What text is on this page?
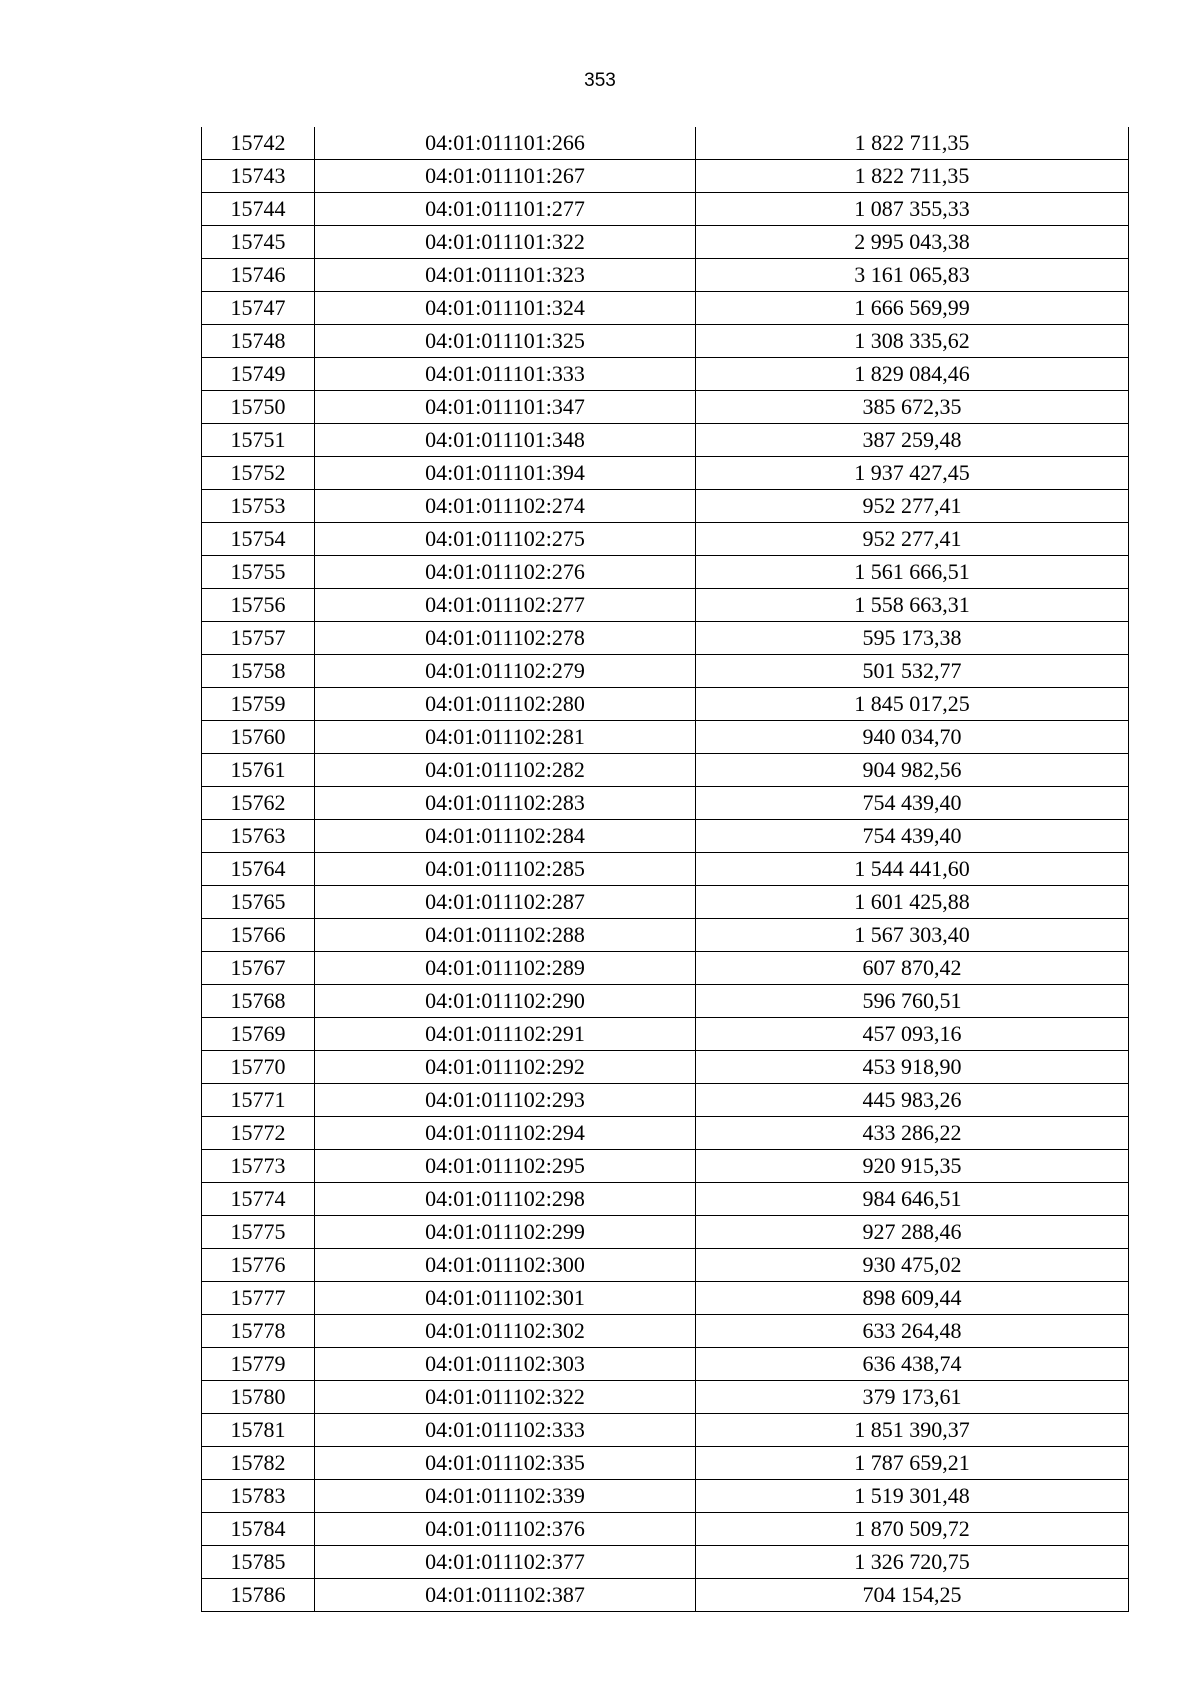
353
15742	04:01:011101:266	1 822 711,35
15743	04:01:011101:267	1 822 711,35
15744	04:01:011101:277	1 087 355,33
15745	04:01:011101:322	2 995 043,38
15746	04:01:011101:323	3 161 065,83
15747	04:01:011101:324	1 666 569,99
15748	04:01:011101:325	1 308 335,62
15749	04:01:011101:333	1 829 084,46
15750	04:01:011101:347	385 672,35
15751	04:01:011101:348	387 259,48
15752	04:01:011101:394	1 937 427,45
15753	04:01:011102:274	952 277,41
15754	04:01:011102:275	952 277,41
15755	04:01:011102:276	1 561 666,51
15756	04:01:011102:277	1 558 663,31
15757	04:01:011102:278	595 173,38
15758	04:01:011102:279	501 532,77
15759	04:01:011102:280	1 845 017,25
15760	04:01:011102:281	940 034,70
15761	04:01:011102:282	904 982,56
15762	04:01:011102:283	754 439,40
15763	04:01:011102:284	754 439,40
15764	04:01:011102:285	1 544 441,60
15765	04:01:011102:287	1 601 425,88
15766	04:01:011102:288	1 567 303,40
15767	04:01:011102:289	607 870,42
15768	04:01:011102:290	596 760,51
15769	04:01:011102:291	457 093,16
15770	04:01:011102:292	453 918,90
15771	04:01:011102:293	445 983,26
15772	04:01:011102:294	433 286,22
15773	04:01:011102:295	920 915,35
15774	04:01:011102:298	984 646,51
15775	04:01:011102:299	927 288,46
15776	04:01:011102:300	930 475,02
15777	04:01:011102:301	898 609,44
15778	04:01:011102:302	633 264,48
15779	04:01:011102:303	636 438,74
15780	04:01:011102:322	379 173,61
15781	04:01:011102:333	1 851 390,37
15782	04:01:011102:335	1 787 659,21
15783	04:01:011102:339	1 519 301,48
15784	04:01:011102:376	1 870 509,72
15785	04:01:011102:377	1 326 720,75
15786	04:01:011102:387	704 154,25
